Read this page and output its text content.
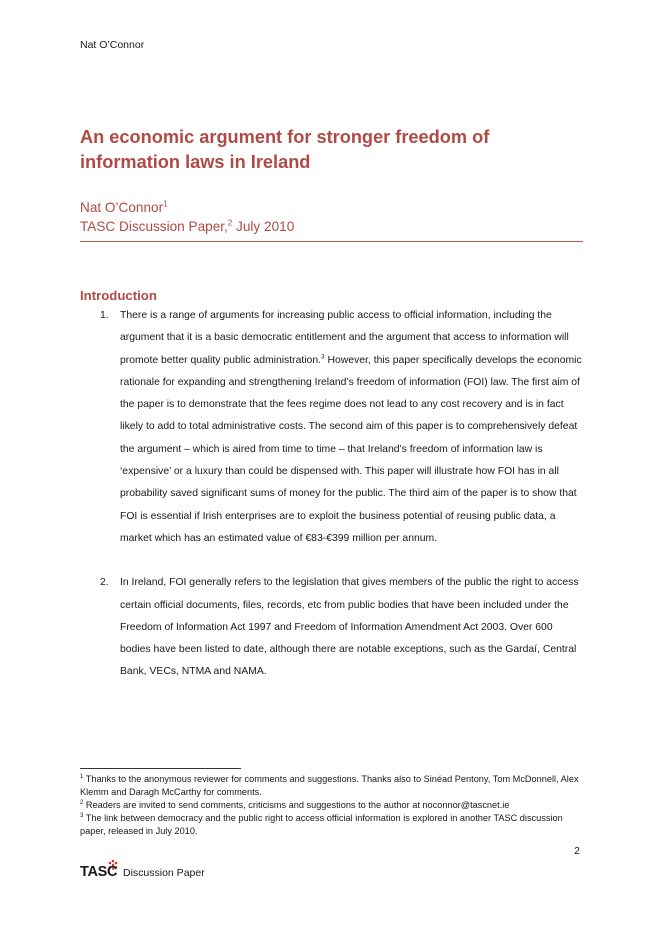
Nat O’Connor
An economic argument for stronger freedom of information laws in Ireland
Nat O’Connor$^1$
TASC Discussion Paper,$^2$ July 2010
Introduction
1. There is a range of arguments for increasing public access to official information, including the argument that it is a basic democratic entitlement and the argument that access to information will promote better quality public administration.$^3$ However, this paper specifically develops the economic rationale for expanding and strengthening Ireland’s freedom of information (FOI) law. The first aim of the paper is to demonstrate that the fees regime does not lead to any cost recovery and is in fact likely to add to total administrative costs. The second aim of this paper is to comprehensively defeat the argument – which is aired from time to time – that Ireland’s freedom of information law is ‘expensive’ or a luxury than could be dispensed with. This paper will illustrate how FOI has in all probability saved significant sums of money for the public. The third aim of the paper is to show that FOI is essential if Irish enterprises are to exploit the business potential of reusing public data, a market which has an estimated value of €83-€399 million per annum.
2. In Ireland, FOI generally refers to the legislation that gives members of the public the right to access certain official documents, files, records, etc from public bodies that have been included under the Freedom of Information Act 1997 and Freedom of Information Amendment Act 2003. Over 600 bodies have been listed to date, although there are notable exceptions, such as the Gardaí, Central Bank, VECs, NTMA and NAMA.
$^1$ Thanks to the anonymous reviewer for comments and suggestions. Thanks also to Sinéad Pentony, Tom McDonnell, Alex Klemm and Daragh McCarthy for comments.
$^2$ Readers are invited to send comments, criticisms and suggestions to the author at noconnor@tascnet.ie
$^3$ The link between democracy and the public right to access official information is explored in another TASC discussion paper, released in July 2010.
2
TASC Discussion Paper
